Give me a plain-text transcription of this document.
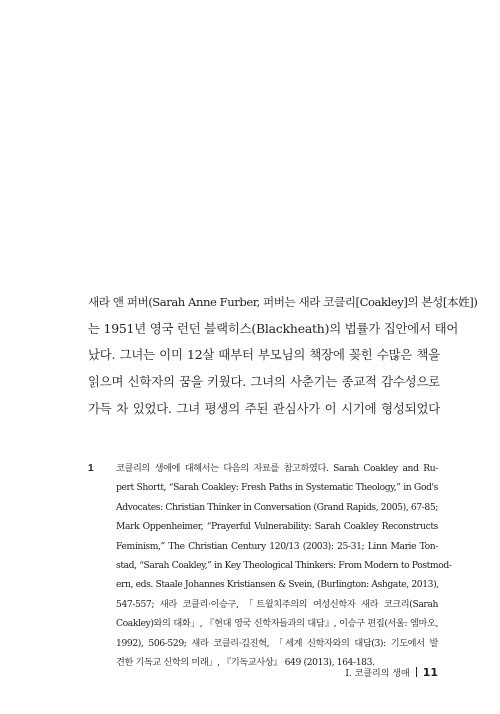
새라 앤 퍼버(Sarah Anne Furber, 퍼버는 새라 코클리[Coakley]의 본성[本姓])
는 1951년 영국 런던 블랙히스(Blackheath)의 법률가 집안에서 태어
났다. 그녀는 이미 12살 때부터 부모님의 책장에 꽂힌 수많은 책을
읽으며 신학자의 꿈을 키웠다. 그녀의 사춘기는 종교적 감수성으로
가득 차 있었다. 그녀 평생의 주된 관심사가 이 시기에 형성되었다
1 코클리의 생애에 대해서는 다음의 자료를 참고하였다. Sarah Coakley and Ru-
pert Shortt, “Sarah Coakley: Fresh Paths in Systematic Theology,” in God's
Advocates: Christian Thinker in Conversation (Grand Rapids, 2005), 67-85;
Mark Oppenheimer, “Prayerful Vulnerability: Sarah Coakley Reconstructs
Feminism,” The Christian Century 120/13 (2003): 25-31; Linn Marie Ton-
stad, “Sarah Coakley,” in Key Theological Thinkers: From Modern to Postmod-
ern, eds. Staale Johannes Kristiansen & Svein, (Burlington: Ashgate, 2013),
547-557; 새라 코클리·이승구, 「트윌치주의의 여성신학자 새라 코크리(Sarah
Coakley)와의 대화」, 『현대 영국 신학자들과의 대담』, 이승구 편집(서울: 엠마오,
1992), 506-529; 새라 코클리·김진혁, 「세계 신학자와의 대담(3): 기도에서 발
견한 기독교 신학의 미래」, 『기독교사상』 649 (2013), 164-183.
I. 코클리의 생애 11
